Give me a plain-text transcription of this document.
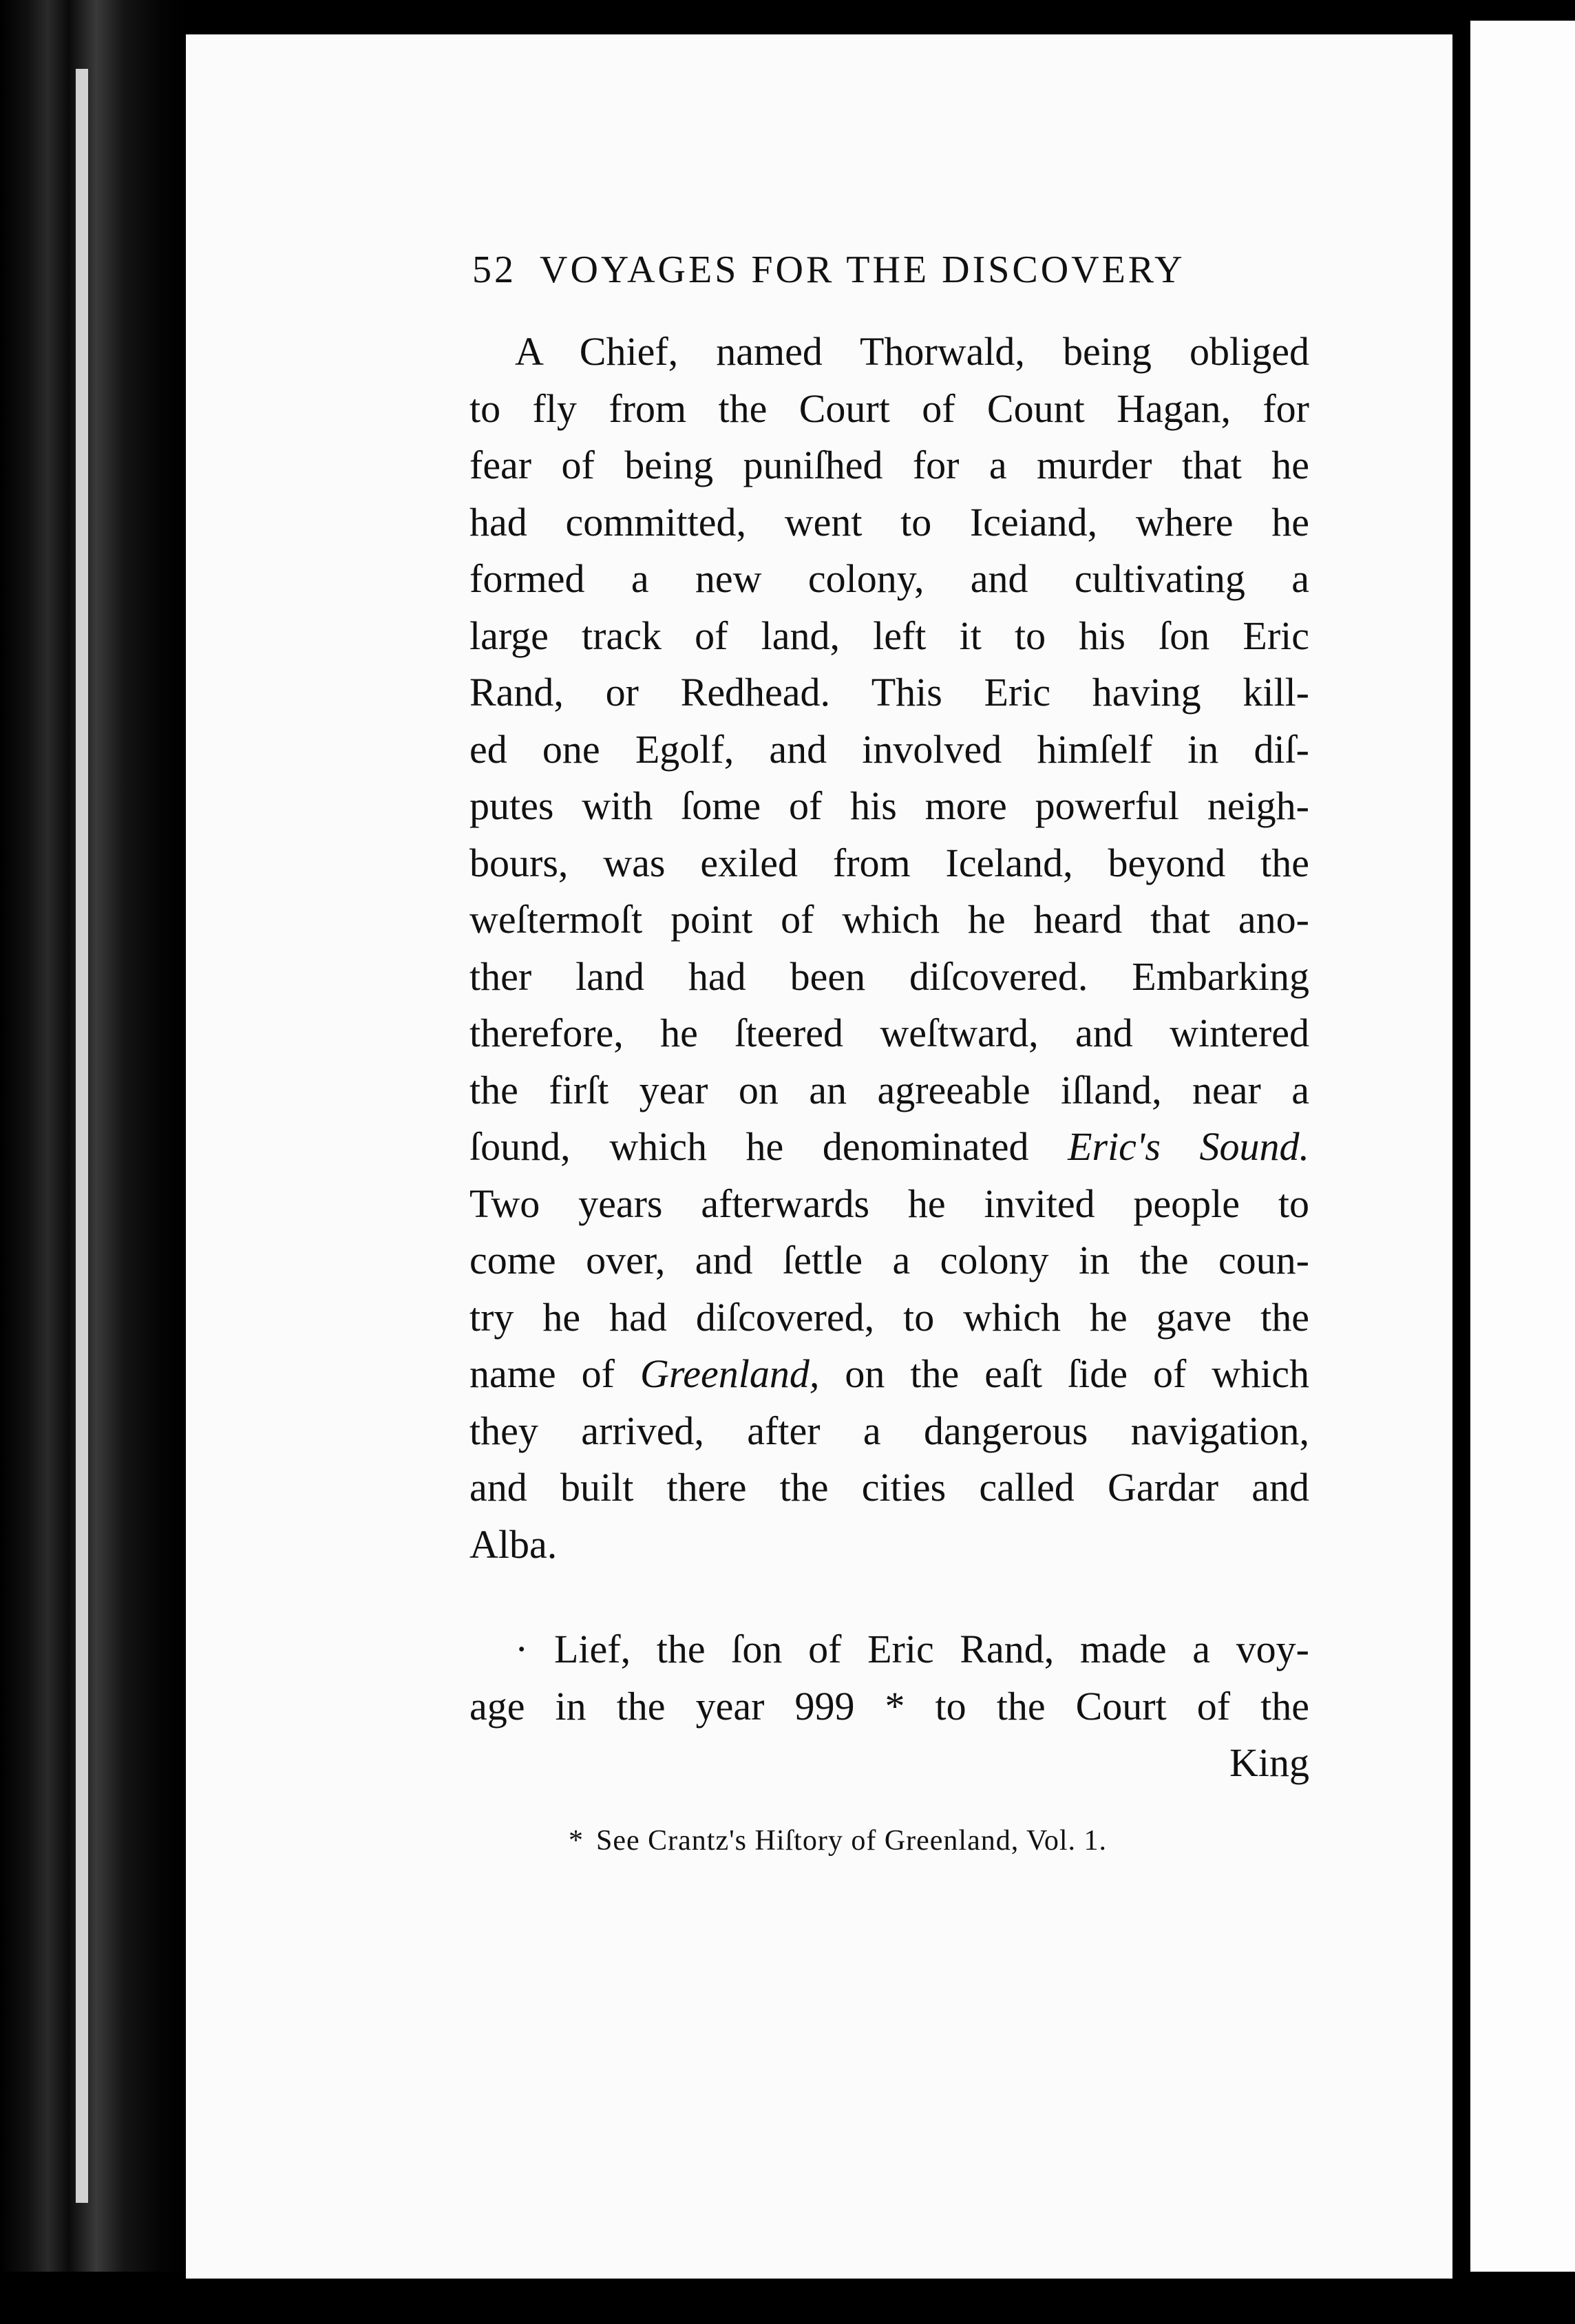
52 VOYAGES FOR THE DISCOVERY
A Chief, named Thorwald, being obliged
to fly from the Court of Count Hagan, for
fear of being puniſhed for a murder that he
had committed, went to Iceiand, where he
formed a new colony, and cultivating a
large track of land, left it to his ſon Eric
Rand, or Redhead. This Eric having kill-
ed one Egolf, and involved himſelf in diſ-
putes with ſome of his more powerful neigh-
bours, was exiled from Iceland, beyond the
weſtermoſt point of which he heard that ano-
ther land had been diſcovered. Embarking
therefore, he ſteered weſtward, and wintered
the firſt year on an agreeable iſland, near a
ſound, which he denominated Eric's Sound.
Two years afterwards he invited people to
come over, and ſettle a colony in the coun-
try he had diſcovered, to which he gave the
name of Greenland, on the eaſt ſide of which
they arrived, after a dangerous navigation,
and built there the cities called Gardar and
Alba.
· Lief, the ſon of Eric Rand, made a voy-
age in the year 999 * to the Court of the
King
* See Crantz's Hiſtory of Greenland, Vol. 1.
